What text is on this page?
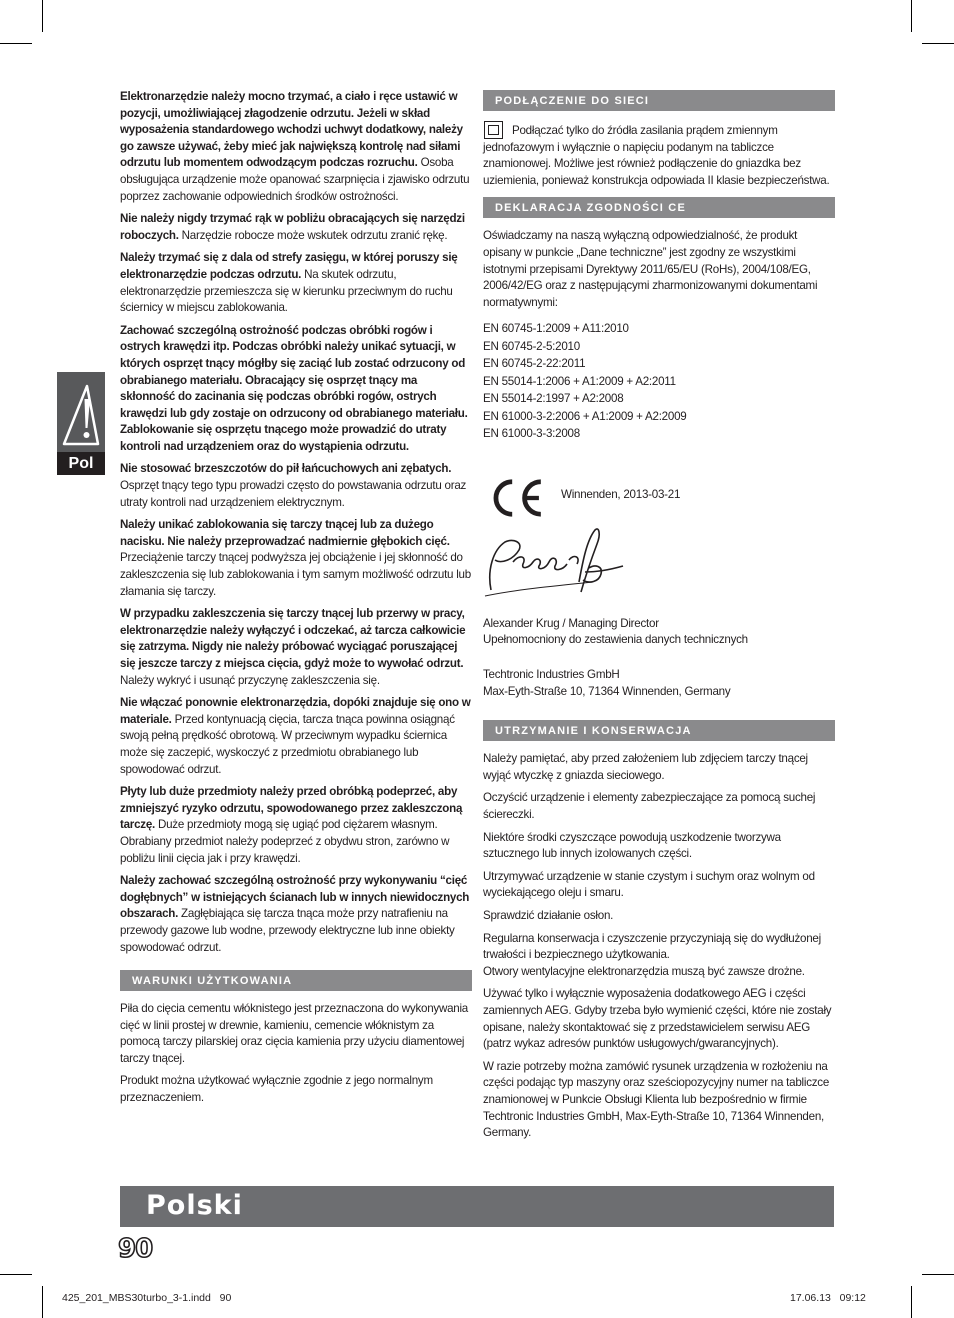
Pol

Elektronarzędzie należy mocno trzymać, a ciało i ręce ustawić w pozycji, umożliwiającej złagodzenie odrzutu. Jeżeli w skład wyposażenia standardowego wchodzi uchwyt dodatkowy, należy go zawsze używać, żeby mieć jak największą kontrolę nad siłami odrzutu lub momentem odwodzącym podczas rozruchu. Osoba obsługująca urządzenie może opanować szarpnięcia i zjawisko odrzutu poprzez zachowanie odpowiednich środków ostrożności.

Nie należy nigdy trzymać rąk w pobliżu obracających się narzędzi roboczych. Narzędzie robocze może wskutek odrzutu zranić rękę.

Należy trzymać się z dala od strefy zasięgu, w której poruszy się elektronarzędzie podczas odrzutu. Na skutek odrzutu, elektronarzędzie przemieszcza się w kierunku przeciwnym do ruchu ściernicy w miejscu zablokowania.

Zachować szczególną ostrożność podczas obróbki rogów i ostrych krawędzi itp. Podczas obróbki należy unikać sytuacji, w których osprzęt tnący mógłby się zaciąć lub zostać odrzucony od obrabianego materiału. Obracający się osprzęt tnący ma skłonność do zacinania się podczas obróbki rogów, ostrych krawędzi lub gdy zostaje on odrzucony od obrabianego materiału. Zablokowanie się osprzętu tnącego może prowadzić do utraty kontroli nad urządzeniem oraz do wystąpienia odrzutu.

Nie stosować brzeszczotów do pił łańcuchowych ani zębatych. Osprzęt tnący tego typu prowadzi często do powstawania odrzutu oraz utraty kontroli nad urządzeniem elektrycznym.

Należy unikać zablokowania się tarczy tnącej lub za dużego nacisku. Nie należy przeprowadzać nadmiernie głębokich cięć. Przeciążenie tarczy tnącej podwyższa jej obciążenie i jej skłonność do zakleszczenia się lub zablokowania i tym samym możliwość odrzutu lub złamania się tarczy.

W przypadku zakleszczenia się tarczy tnącej lub przerwy w pracy, elektronarzędzie należy wyłączyć i odczekać, aż tarcza całkowicie się zatrzyma. Nigdy nie należy próbować wyciągać poruszającej się jeszcze tarczy z miejsca cięcia, gdyż może to wywołać odrzut. Należy wykryć i usunąć przyczynę zakleszczenia się.

Nie włączać ponownie elektronarzędzia, dopóki znajduje się ono w materiale. Przed kontynuacją cięcia, tarcza tnąca powinna osiągnąć swoją pełną prędkość obrotową. W przeciwnym wypadku ściernica może się zaczepić, wyskoczyć z przedmiotu obrabianego lub spowodować odrzut.

Płyty lub duże przedmioty należy przed obróbką podeprzeć, aby zmniejszyć ryzyko odrzutu, spowodowanego przez zakleszczoną tarczę. Duże przedmioty mogą się ugiąć pod ciężarem własnym. Obrabiany przedmiot należy podeprzeć z obydwu stron, zarówno w pobliżu linii cięcia jak i przy krawędzi.

Należy zachować szczególną ostrożność przy wykonywaniu “cięć dogłębnych” w istniejących ścianach lub w innych niewidocznych obszarach. Zagłębiająca się tarcza tnąca może przy natrafieniu na przewody gazowe lub wodne, przewody elektryczne lub inne obiekty spowodować odrzut.

WARUNKI UŻYTKOWANIA

Piła do cięcia cementu włóknistego jest przeznaczona do wykonywania cięć w linii prostej w drewnie, kamieniu, cemencie włóknistym za pomocą tarczy pilarskiej oraz cięcia kamienia przy użyciu diamentowej tarczy tnącej.

Produkt można użytkować wyłącznie zgodnie z jego normalnym przeznaczeniem.

PODŁĄCZENIE DO SIECI

Podłączać tylko do źródła zasilania prądem zmiennym jednofazowym i wyłącznie o napięciu podanym na tabliczce znamionowej. Możliwe jest również podłączenie do gniazdka bez uziemienia, ponieważ konstrukcja odpowiada II klasie bezpieczeństwa.

DEKLARACJA ZGODNOŚCI CE

Oświadczamy na naszą wyłączną odpowiedzialność, że produkt opisany w punkcie „Dane techniczne” jest zgodny ze wszystkimi istotnymi przepisami Dyrektywy 2011/65/EU (RoHs), 2004/108/EG, 2006/42/EG oraz z następującymi zharmonizowanymi dokumentami normatywnymi:

EN 60745-1:2009 + A11:2010
EN 60745-2-5:2010
EN 60745-2-22:2011
EN 55014-1:2006 + A1:2009 + A2:2011
EN 55014-2:1997 + A2:2008
EN 61000-3-2:2006 + A1:2009 + A2:2009
EN 61000-3-3:2008
Winnenden, 2013-03-21
Alexander Krug / Managing Director
Upełnomocniony do zestawienia danych technicznych
Techtronic Industries GmbH
Max-Eyth-Straße 10, 71364 Winnenden, Germany
UTRZYMANIE I KONSERWACJA

Należy pamiętać, aby przed założeniem lub zdjęciem tarczy tnącej wyjąć wtyczkę z gniazda sieciowego.

Oczyścić urządzenie i elementy zabezpieczające za pomocą suchej ściereczki.

Niektóre środki czyszczące powodują uszkodzenie tworzywa sztucznego lub innych izolowanych części.

Utrzymywać urządzenie w stanie czystym i suchym oraz wolnym od wyciekającego oleju i smaru.

Sprawdzić działanie osłon.

Regularna konserwacja i czyszczenie przyczyniają się do wydłużonej trwałości i bezpiecznego użytkowania.
Otwory wentylacyjne elektronarzędzia muszą być zawsze drożne.

Używać tylko i wyłącznie wyposażenia dodatkowego AEG i części zamiennych AEG. Gdyby trzeba było wymienić części, które nie zostały opisane, należy skontaktować się z przedstawicielem serwisu AEG (patrz wykaz adresów punktów usługowych/gwarancyjnych).

W razie potrzeby można zamówić rysunek urządzenia w rozłożeniu na części podając typ maszyny oraz sześciopozycyjny numer na tabliczce znamionowej w Punkcie Obsługi Klienta lub bezpośrednio w firmie Techtronic Industries GmbH, Max-Eyth-Straße 10, 71364 Winnenden, Germany.

Polski
90
425_201_MBS30turbo_3-1.indd   90	17.06.13   09:12
